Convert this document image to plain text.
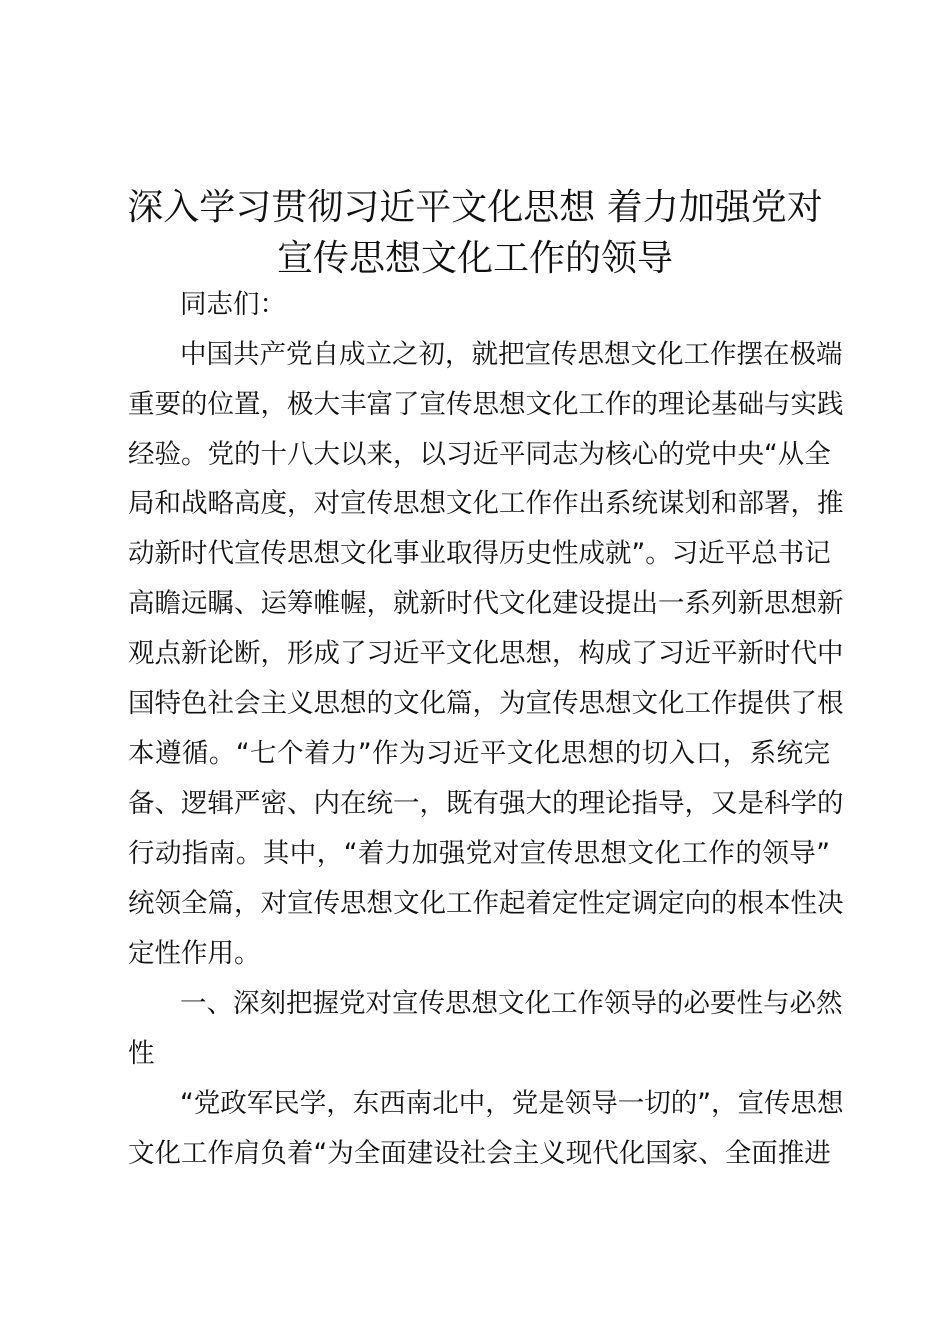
深入学习贯彻习近平文化思想 着力加强党对
宣传思想文化工作的领导
同志们：
中国共产党自成立之初，就把宣传思想文化工作摆在极端
重要的位置，极大丰富了宣传思想文化工作的理论基础与实践
经验。党的十八大以来，以习近平同志为核心的党中央“从全
局和战略高度，对宣传思想文化工作作出系统谋划和部署，推
动新时代宣传思想文化事业取得历史性成就”。习近平总书记
高瞻远瞩、运筹帷幄，就新时代文化建设提出一系列新思想新
观点新论断，形成了习近平文化思想，构成了习近平新时代中
国特色社会主义思想的文化篇，为宣传思想文化工作提供了根
本遵循。“七个着力”作为习近平文化思想的切入口，系统完
备、逻辑严密、内在统一，既有强大的理论指导，又是科学的
行动指南。其中，“着力加强党对宣传思想文化工作的领导”
统领全篇，对宣传思想文化工作起着定性定调定向的根本性决
定性作用。
一、深刻把握党对宣传思想文化工作领导的必要性与必然
性
“党政军民学，东西南北中，党是领导一切的”，宣传思想
文化工作肩负着“为全面建设社会主义现代化国家、全面推进
